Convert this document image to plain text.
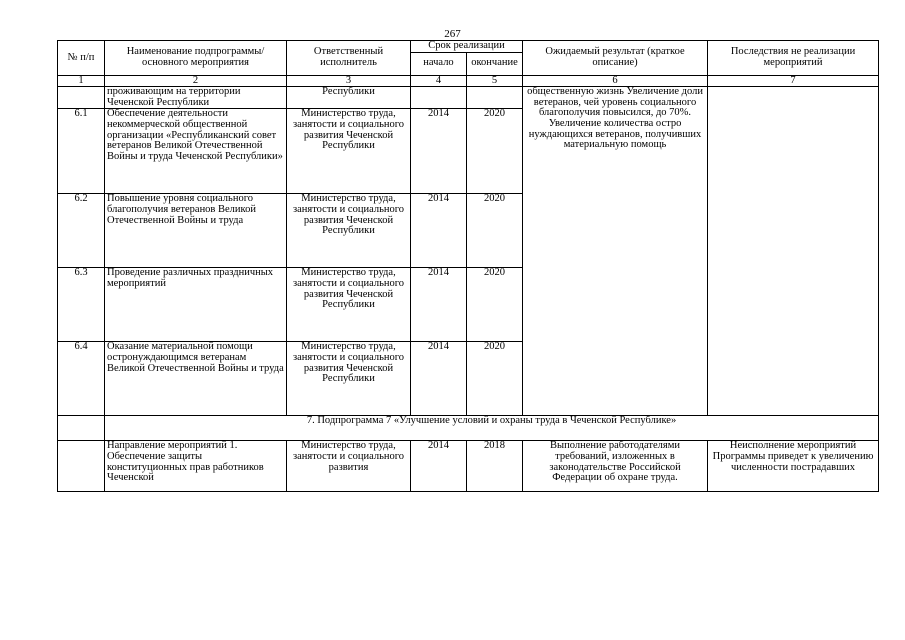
267
№ п/п	Наименование подпрограммы/ основного мероприятия	Ответственный исполнитель	Срок реализации		Ожидаемый результат (краткое описание)	Последствия не реализации мероприятий
			начало	окончание		
1	2	3	4	5	6	7
	проживающим на территории Чеченской Республики	Республики			общественную жизнь Увеличение доли ветеранов, чей уровень социального благополучия повысился, до 70%. Увеличение количества остро нуждающихся ветеранов, получивших материальную помощь	
6.1	Обеспечение деятельности некоммерческой общественной организации «Республиканский совет ветеранов Великой Отечественной Войны и труда Чеченской Республики»	Министерство труда, занятости и социального развития Чеченской Республики	2014	2020		
6.2	Повышение уровня социального благополучия ветеранов Великой Отечественной Войны и труда	Министерство труда, занятости и социального развития Чеченской Республики	2014	2020		
6.3	Проведение различных праздничных мероприятий	Министерство труда, занятости и социального развития Чеченской Республики	2014	2020		
6.4	Оказание материальной помощи остронуждающимся ветеранам Великой Отечественной Войны и труда	Министерство труда, занятости и социального развития Чеченской Республики	2014	2020		
	7. Подпрограмма 7 «Улучшение условий и охраны труда в Чеченской Республике»					
	Направление мероприятий 1. Обеспечение защиты конституционных прав работников Чеченской	Министерство труда, занятости и социального развития	2014	2018	Выполнение работодателями требований, изложенных в законодательстве Российской Федерации об охране труда.	Неисполнение мероприятий Программы приведет к увеличению численности пострадавших
